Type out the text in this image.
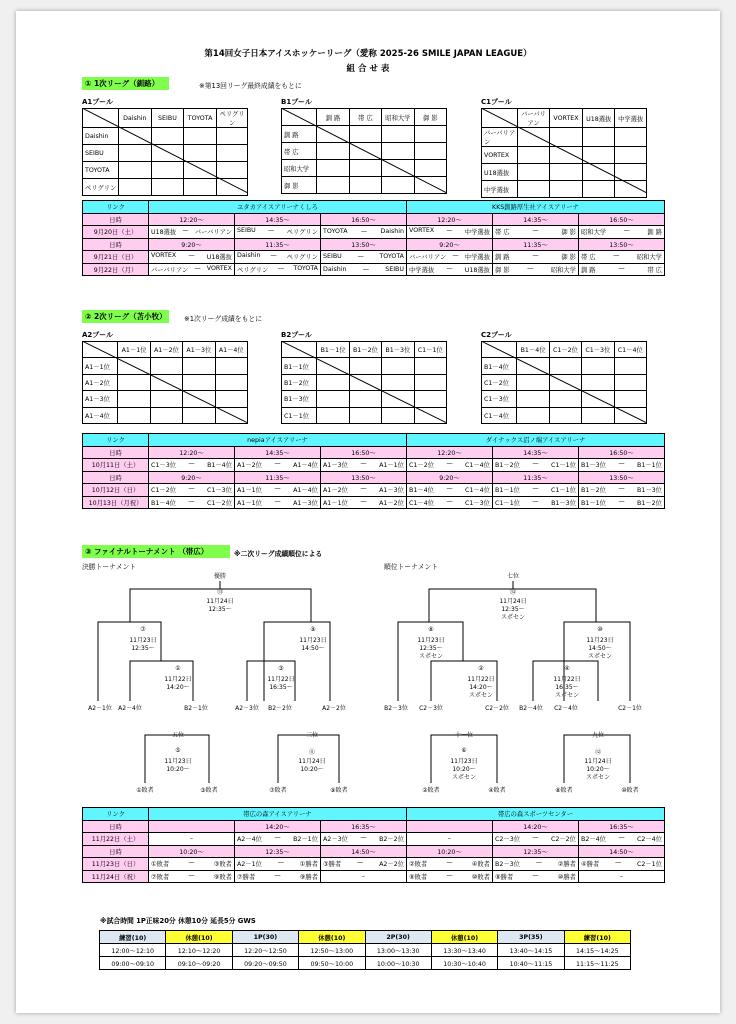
第14回女子日本アイスホッケーリーグ（愛称 2025-26 SMILE JAPAN LEAGUE）
組 合 せ 表
① 1次リーグ（釧路）	※第13回リーグ最終成績をもとに
A1プール
	Daishin	SEIBU	TOYOTA	ペリグリン
Daishin				
SEIBU				
TOYOTA				
ペリグリン				
B1プール
	釧 路	帯 広	昭和大学	御 影
釧 路				
帯 広				
昭和大学				
御 影				
C1プール
	バーバリアン	VORTEX	U18選抜	中学選抜
バーバリアン				
VORTEX				
U18選抜				
中学選抜				
リンク	ユタカアイスアリーナくしろ			KKS釧路厚生社アイスアリーナ		
日時	12:20～	14:35～	16:50～	12:20～	14:35～	16:50～
9月20日（土）	U18選抜 — バーバリアン	SEIBU — ペリグリン	TOYOTA — Daishin	VORTEX — 中学選抜	帯 広 — 御 影	昭和大学 — 釧 路

日時	9:20～	11:35～	13:50～	9:20～	11:35～	13:50～
9月21日（日）	VORTEX — U18選抜	Daishin — ペリグリン	SEIBU — TOYOTA	バーバリアン — 中学選抜	釧 路 — 御 影	帯 広 — 昭和大学

9月22日（月）	バーバリアン — VORTEX	ペリグリン — TOYOTA	Daishin — SEIBU	中学選抜 — U18選抜	御 影 — 昭和大学	釧 路 — 帯 広
② 2次リーグ（苫小牧）	※1次リーグ成績をもとに
A2プール
	A1－1位	A1－2位	A1－3位	A1－4位
A1－1位				
A1－2位				
A1－3位				
A1－4位				
B2プール
	B1－1位	B1－2位	B1－3位	C1－1位
B1－1位				
B1－2位				
B1－3位				
C1－1位				
C2プール
	B1－4位	C1－2位	C1－3位	C1－4位
B1－4位				
C1－2位				
C1－3位				
C1－4位				
リンク	nepiaアイスアリーナ			ダイナックス沼ノ端アイスアリーナ		
日時	12:20～	14:35～	16:50～	12:20～	14:35～	16:50～
10月11日（土）	C1－3位 — B1－4位	A1－2位 — A1－4位	A1－3位 — A1－1位	C1－2位 — C1－4位	B1－2位 — C1－1位	B1－3位 — B1－1位

日時	9:20～	11:35～	13:50～	9:20～	11:35～	13:50～
10月12日（日）	C1－2位 — C1－3位	A1－1位 — A1－4位	A1－2位 — A1－3位	B1－4位 — C1－4位	B1－1位 — C1－1位	B1－2位 — B1－3位

10月13日（月祝）	B1－4位 — C1－2位	A1－1位 — A1－3位	A1－1位 — A1－2位	C1－4位 — C1－3位	C1－1位 — B1－3位	B1－1位 — B1－2位
③ ファイナルトーナメント （帯広）	※二次リーグ成績順位による
決勝トーナメント	順位トーナメント
優勝
⑬
11月24日
12:35～
⑦
11月23日
12:35～
⑨
11月23日
14:50～
①
11月22日
14:20～
③
11月22日
16:35～
⑤
11月23日
10:20～
⑪
11月24日
10:20～
五位	三位
七位
⑭
11月24日
12:35～
スポセン
⑧
11月23日
12:35～
スポセン
⑩
11月23日
14:50～
スポセン
②
11月22日
14:20～
スポセン
④
11月22日
16:35～
スポセン
⑥
11月23日
10:20～
スポセン
⑫
11月24日
10:20～
スポセン
十一位	九位
A2－1位	A2－4位	B2－1位	A2－3位	B2－2位	A2－2位	B2－3位	C2－3位	C2－2位	B2－4位	C2－4位	C2－1位
①敗者	③敗者	⑦敗者	⑨敗者	②敗者	④敗者	⑧敗者	⑩敗者
リンク	帯広の森アイスアリーナ			帯広の森スポーツセンター		
日時		14:20～	16:35～		14:20～	16:35～
11月22日（土）	–	A2－4位 — B2－1位	A2－3位 — B2－2位	–	C2－3位 — C2－2位	B2－4位 — C2－4位

日時	10:20～	12:35～	14:50～	10:20～	12:35～	14:50～
11月23日（日）	①敗者 — ③敗者	A2－1位 — ①勝者	③勝者 — A2－2位	②敗者 — ④敗者	B2－3位 — ②勝者	④勝者 — C2－1位

11月24日（祝）	⑦敗者 — ⑨敗者	⑦勝者 — ⑨勝者	–	⑧敗者 — ⑩敗者	⑧勝者 — ⑩勝者	–
※試合時間 1P正味20分 休憩10分 延長5分 GWS
練習(10)	休憩(10)	1P(30)	休憩(10)	2P(30)	休憩(10)	3P(35)	練習(10)
12:00～12:10	12:10～12:20	12:20～12:50	12:50～13:00	13:00～13:30	13:30～13:40	13:40～14:15	14:15～14:25
09:00～09:10	09:10～09:20	09:20～09:50	09:50～10:00	10:00～10:30	10:30～10:40	10:40～11:15	11:15～11:25
